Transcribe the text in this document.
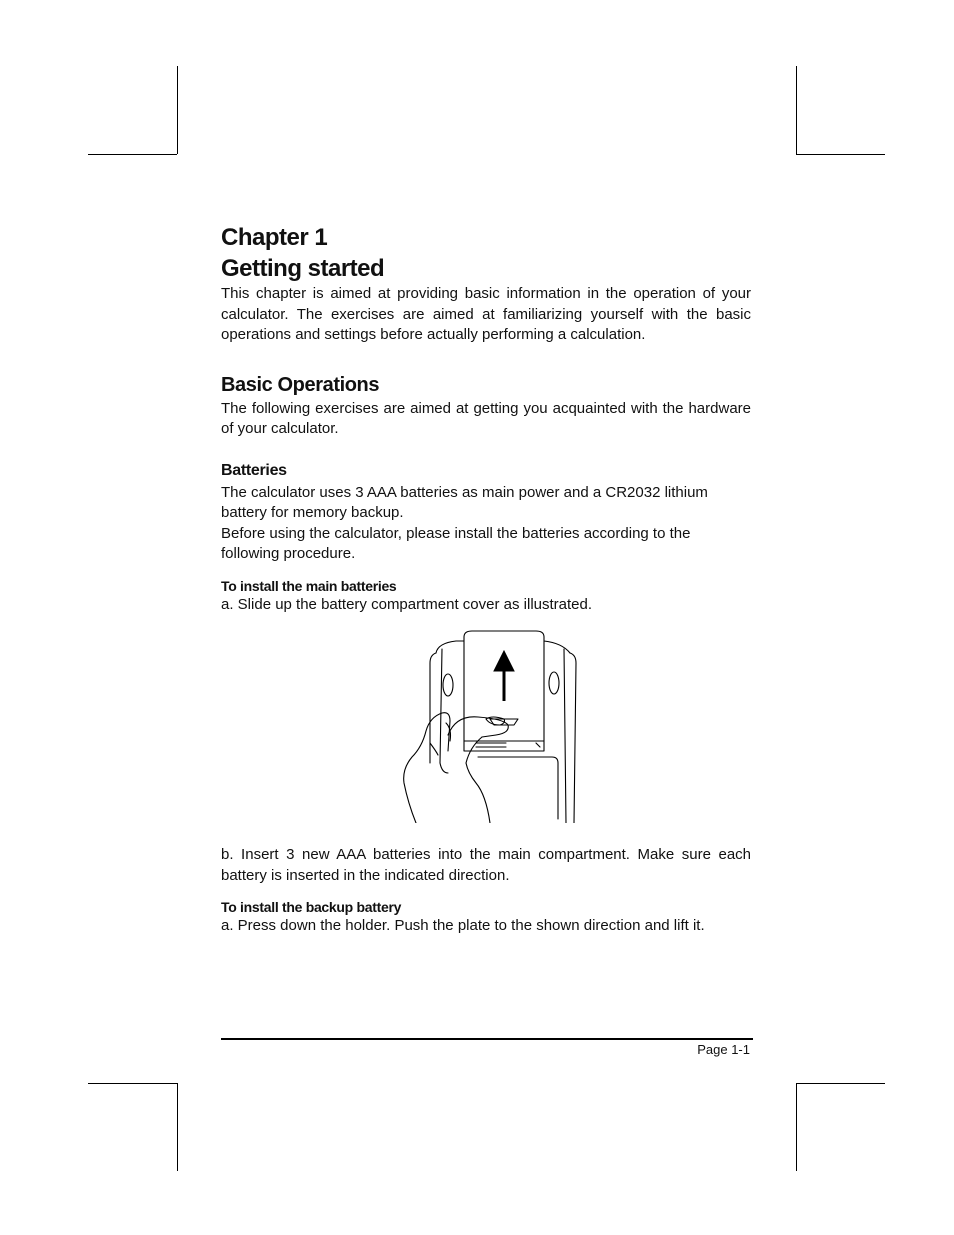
Chapter 1
Getting started

This chapter is aimed at providing basic information in the operation of your calculator. The exercises are aimed at familiarizing yourself with the basic operations and settings before actually performing a calculation.

Basic Operations

The following exercises are aimed at getting you acquainted with the hardware of your calculator.

Batteries

The calculator uses 3 AAA batteries as main power and a CR2032 lithium battery for memory backup.

Before using the calculator, please install the batteries according to the following procedure.

To install the main batteries

a. Slide up the battery compartment cover as illustrated.

b. Insert 3 new AAA batteries into the main compartment. Make sure each battery is inserted in the indicated direction.

To install the backup battery

a. Press down the holder. Push the plate to the shown direction and lift it.

Page 1-1
